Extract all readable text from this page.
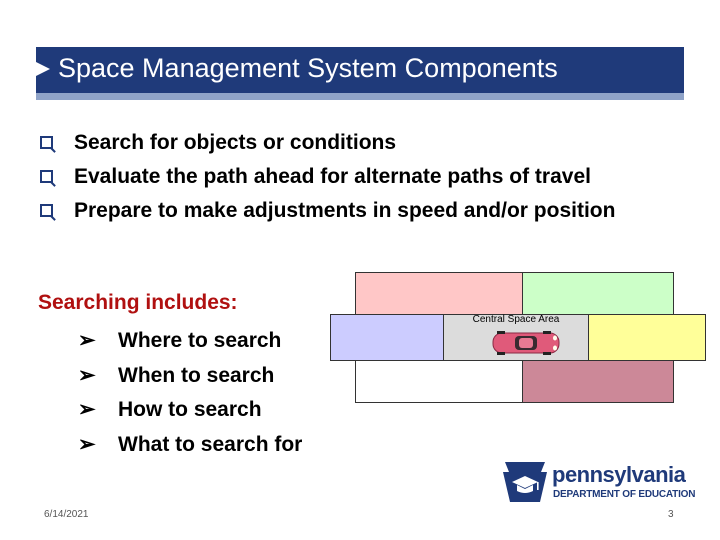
Space Management System Components
Search for objects or conditions
Evaluate the path ahead for alternate paths of travel
Prepare to make adjustments in speed and/or position
Searching includes:
➢ Where to search
➢ When to search
➢ How to search
➢ What to search for
Central Space Area
pennsylvania
DEPARTMENT OF EDUCATION
6/14/2021	3
